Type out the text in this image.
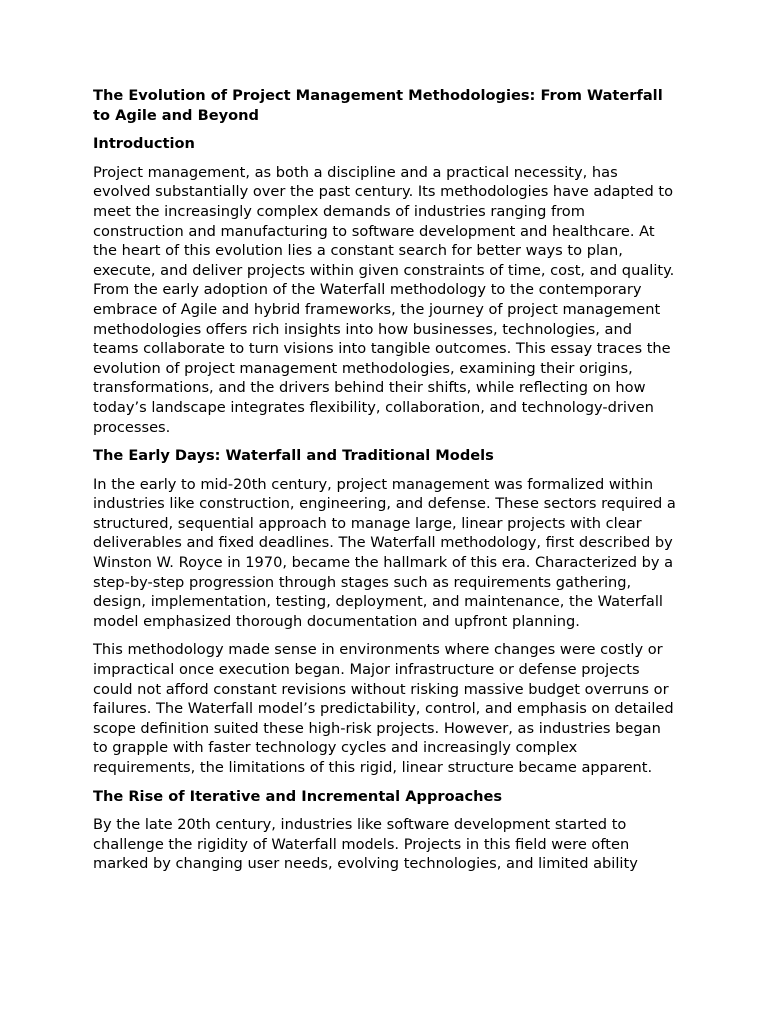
The Evolution of Project Management Methodologies: From Waterfall to Agile and Beyond
Introduction

Project management, as both a discipline and a practical necessity, has evolved substantially over the past century. Its methodologies have adapted to meet the increasingly complex demands of industries ranging from construction and manufacturing to software development and healthcare. At the heart of this evolution lies a constant search for better ways to plan, execute, and deliver projects within given constraints of time, cost, and quality. From the early adoption of the Waterfall methodology to the contemporary embrace of Agile and hybrid frameworks, the journey of project management methodologies offers rich insights into how businesses, technologies, and teams collaborate to turn visions into tangible outcomes. This essay traces the evolution of project management methodologies, examining their origins, transformations, and the drivers behind their shifts, while reflecting on how today’s landscape integrates flexibility, collaboration, and technology-driven processes.

The Early Days: Waterfall and Traditional Models

In the early to mid-20th century, project management was formalized within industries like construction, engineering, and defense. These sectors required a structured, sequential approach to manage large, linear projects with clear deliverables and fixed deadlines. The Waterfall methodology, first described by Winston W. Royce in 1970, became the hallmark of this era. Characterized by a step-by-step progression through stages such as requirements gathering, design, implementation, testing, deployment, and maintenance, the Waterfall model emphasized thorough documentation and upfront planning.

This methodology made sense in environments where changes were costly or impractical once execution began. Major infrastructure or defense projects could not afford constant revisions without risking massive budget overruns or failures. The Waterfall model’s predictability, control, and emphasis on detailed scope definition suited these high-risk projects. However, as industries began to grapple with faster technology cycles and increasingly complex requirements, the limitations of this rigid, linear structure became apparent.

The Rise of Iterative and Incremental Approaches

By the late 20th century, industries like software development started to challenge the rigidity of Waterfall models. Projects in this field were often marked by changing user needs, evolving technologies, and limited ability
